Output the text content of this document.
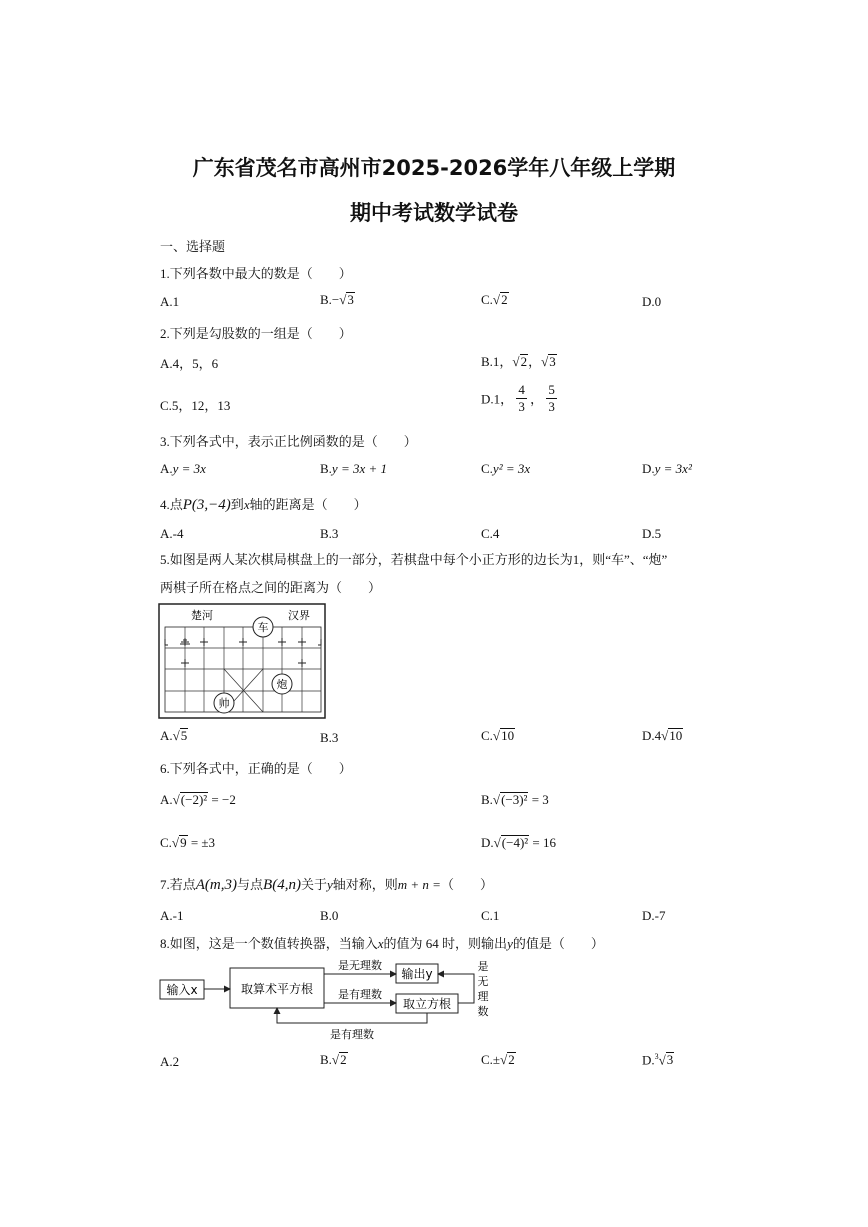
广东省茂名市高州市2025-2026学年八年级上学期
期中考试数学试卷
一、选择题
1.下列各数中最大的数是（　　）
A.1	B.−√3	C.√2	D.0
2.下列是勾股数的一组是（　　）
A.4，5，6	B.1，√2，√3
C.5，12，13	D.1， $\frac{4}{3}$ ， $\frac{5}{3}$
3.下列各式中，表示正比例函数的是（　　）
A.y = 3x	B.y = 3x + 1	C.y² = 3x	D.y = 3x²
4.点P(3,−4)到x轴的距离是（　　）
A.-4	B.3	C.4	D.5
5.如图是两人某次棋局棋盘上的一部分，若棋盘中每个小正方形的边长为1，则“车”、“炮”
两棋子所在格点之间的距离为（　　）
楚河	汉界
车
炮
帅
A.√5	B.3	C.√10	D.4√10
6.下列各式中，正确的是（　　）
A.√(−2)² = −2	B.√(−3)² = 3
C.√9 = ±3	D.√(−4)² = 16
7.若点A(m,3)与点B(4,n)关于y轴对称，则m + n =（　　）
A.-1	B.0	C.1	D.-7
8.如图，这是一个数值转换器，当输入x的值为 64 时，则输出y的值是（　　）
输入x	取算术平方根
输出y
取立方根
是无理数
是有理数
是有理数
是
无
理
数
A.2	B.√2	C.±√2	D.$^3$√3
